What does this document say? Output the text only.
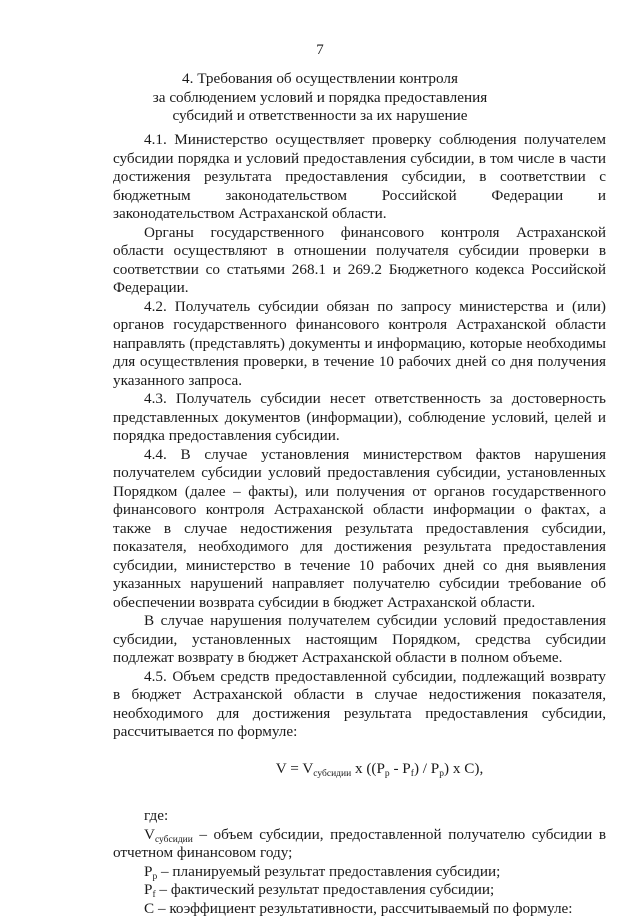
7
4. Требования об осуществлении контроля
за соблюдением условий и порядка предоставления
субсидий и ответственности за их нарушение

4.1. Министерство осуществляет проверку соблюдения получателем субсидии порядка и условий предоставления субсидии, в том числе в части достижения результата предоставления субсидии, в соответствии с бюджетным законодательством Российской Федерации и законодательством Астраханской области.

Органы государственного финансового контроля Астраханской области осуществляют в отношении получателя субсидии проверки в соответствии со статьями 268.1 и 269.2 Бюджетного кодекса Российской Федерации.

4.2. Получатель субсидии обязан по запросу министерства и (или) органов государственного финансового контроля Астраханской области направлять (представлять) документы и информацию, которые необходимы для осуществления проверки, в течение 10 рабочих дней со дня получения указанного запроса.

4.3. Получатель субсидии несет ответственность за достоверность представленных документов (информации), соблюдение условий, целей и порядка предоставления субсидии.

4.4. В случае установления министерством фактов нарушения получателем субсидии условий предоставления субсидии, установленных Порядком (далее – факты), или получения от органов государственного финансового контроля Астраханской области информации о фактах, а также в случае недостижения результата предоставления субсидии, показателя, необходимого для достижения результата предоставления субсидии, министерство в течение 10 рабочих дней со дня выявления указанных нарушений направляет получателю субсидии требование об обеспечении возврата субсидии в бюджет Астраханской области.

В случае нарушения получателем субсидии условий предоставления субсидии, установленных настоящим Порядком, средства субсидии подлежат возврату в бюджет Астраханской области в полном объеме.

4.5. Объем средств предоставленной субсидии, подлежащий возврату в бюджет Астраханской области в случае недостижения показателя, необходимого для достижения результата предоставления субсидии, рассчитывается по формуле:

$V = V_{субсидии}$ x $((P_p - P_f) / P_p)$ x C),

где:

$V_{субсидии}$ – объем субсидии, предоставленной получателю субсидии в отчетном финансовом году;

$P_p$ – планируемый результат предоставления субсидии;

$P_f$ – фактический результат предоставления субсидии;

C – коэффициент результативности, рассчитываемый по формуле:
